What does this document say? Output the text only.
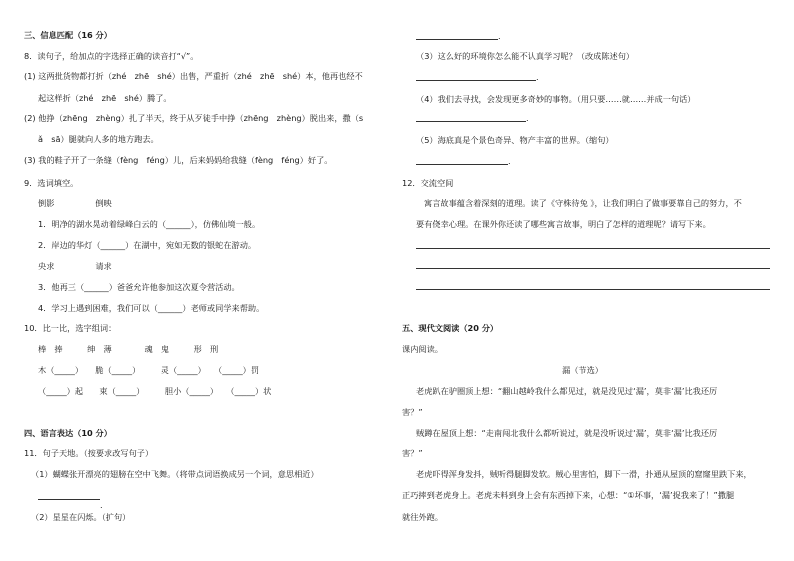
三、信息匹配（16 分）
8．读句子，给加点的字选择正确的读音打“√”。
(1) 这两批货物都打折（zhé　zhē　shé）出售，严重折（zhé　zhē　shé）本，他再也经不
起这样折（zhé　zhē　shé）腾了。
(2) 他挣（zhēng　zhèng）扎了半天，终于从歹徒手中挣（zhēng　zhèng）脱出来，撒（s
ǎ　sā）腿就向人多的地方跑去。
(3) 我的鞋子开了一条缝（fèng　féng）儿，后来妈妈给我缝（fèng　féng）好了。
9．选词填空。
倒影　　　　　倒映
1．明净的湖水晃动着绿峰白云的（______），仿佛仙境一般。
2．岸边的华灯（______）在湖中，宛如无数的银蛇在游动。
央求　　　　　请求
3．他再三（______）爸爸允许他参加这次夏令营活动。
4．学习上遇到困难，我们可以（______）老师或同学来帮助。
10．比一比，选字组词：
棒　捧　　　绅　薄　　　　魂　鬼　　　形　刑
木（_____）　　脆（_____）　　　灵（_____）　　（_____）罚
（_____）起　　束（_____）　　　胆小（_____）　　（_____）状
四、语言表达（10 分）
11．句子天地。（按要求改写句子）
（1）蝴蝶张开漂亮的翅膀在空中飞舞。（将带点词语换成另一个词，意思相近）
.
（2）星星在闪烁。（扩句）
.
（3）这么好的环境你怎么能不认真学习呢？（改成陈述句）
.
（4）我们去寻找，会发现更多奇妙的事物。（用只要……就……并成一句话）
.
（5）海底真是个景色奇异、物产丰富的世界。（缩句）
.
12．交流空间
寓言故事蕴含着深刻的道理。读了《守株待兔 》，让我们明白了做事要靠自己的努力，不
要有侥幸心理。在课外你还读了哪些寓言故事，明白了怎样的道理呢？请写下来。
五、现代文阅读（20 分）
课内阅读。
漏（节选）
老虎趴在驴圈顶上想：“翻山越岭我什么都见过，就是没见过‘漏’，莫非‘漏’比我还厉
害？”
贼蹲在屋顶上想：“走南闯北我什么都听说过，就是没听说过‘漏’，莫非‘漏’比我还厉
害？”
老虎吓得浑身发抖，贼听得腿脚发软。贼心里害怕，脚下一滑，扑通从屋顶的窟窿里跌下来，
正巧摔到老虎身上。老虎未料到身上会有东西掉下来，心想：“①坏事，‘漏’捉我来了！”撒腿
就往外跑。
